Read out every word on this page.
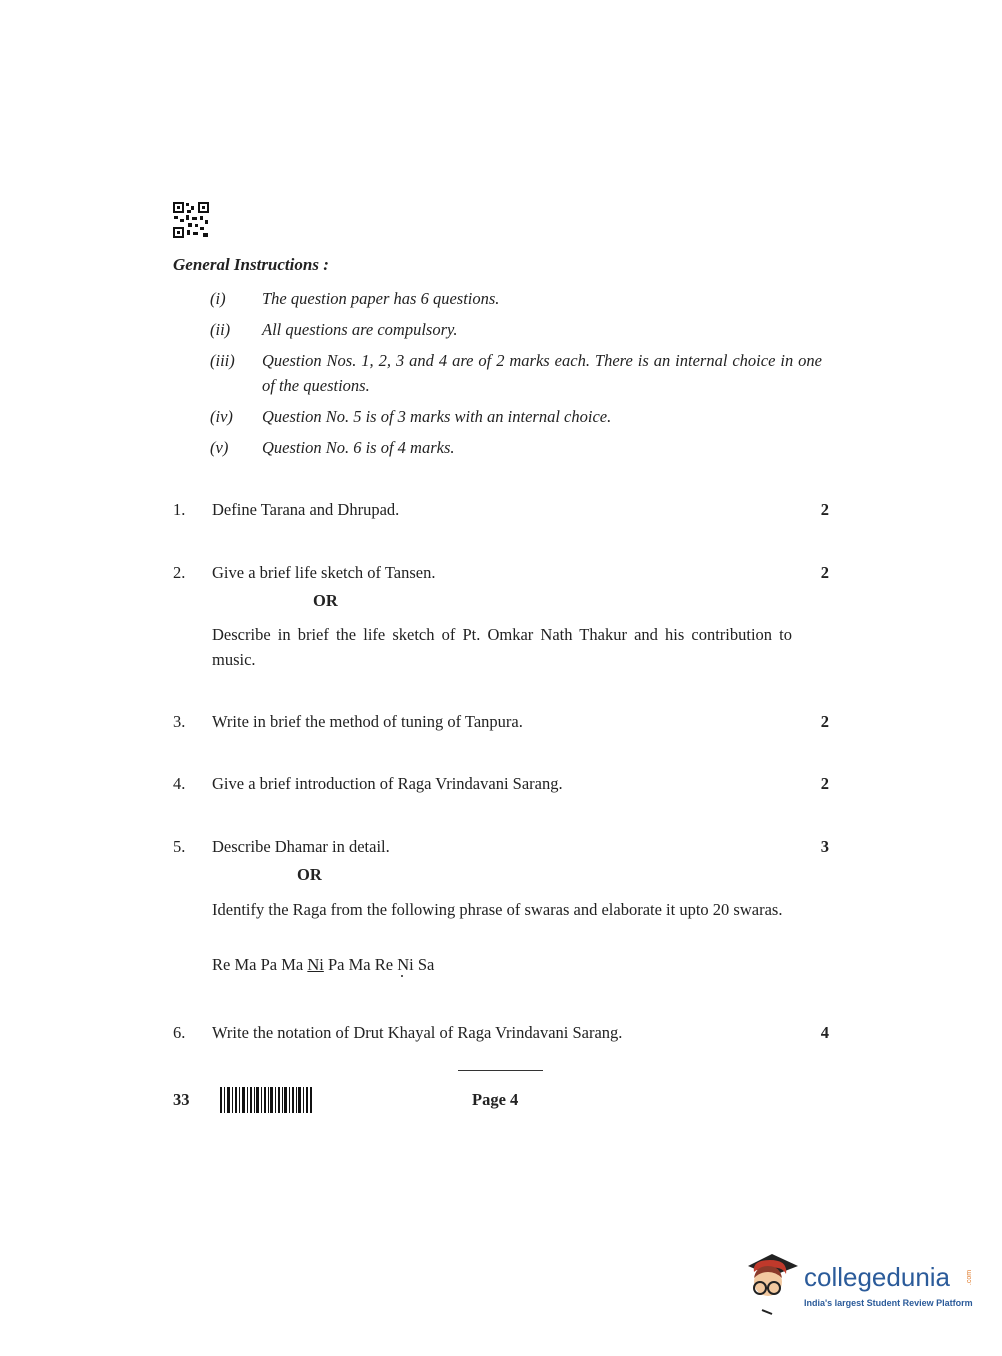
General Instructions :
(i)	The question paper has 6 questions.
(ii)	All questions are compulsory.
(iii)	Question Nos. 1, 2, 3 and 4 are of 2 marks each. There is an internal choice in one of the questions.
(iv)	Question No. 5 is of 3 marks with an internal choice.
(v)	Question No. 6 is of 4 marks.
1. Define Tarana and Dhrupad.	2
2. Give a brief life sketch of Tansen.	2
OR
Describe in brief the life sketch of Pt. Omkar Nath Thakur and his contribution to music.
3. Write in brief the method of tuning of Tanpura.	2
4. Give a brief introduction of Raga Vrindavani Sarang.	2
5. Describe Dhamar in detail.	3
OR
Identify the Raga from the following phrase of swaras and elaborate it upto 20 swaras.
Re Ma Pa Ma Ni Pa Ma Re Ni Sa
6. Write the notation of Drut Khayal of Raga Vrindavani Sarang.	4
33	Page 4
collegedunia .com
India's largest Student Review Platform
